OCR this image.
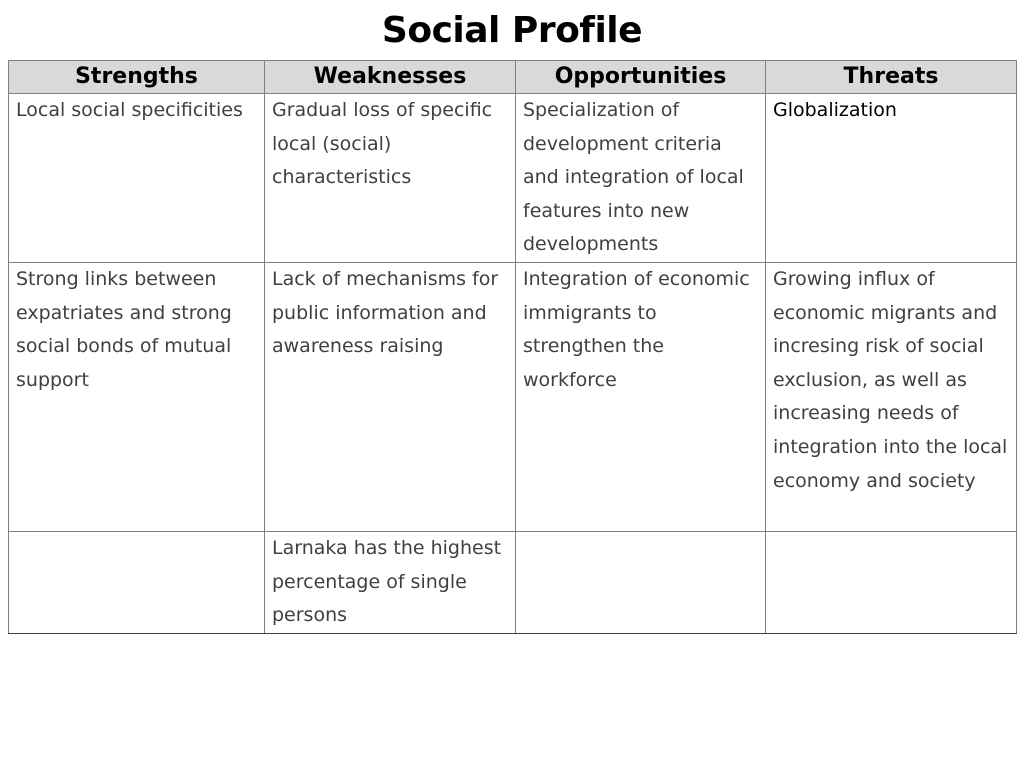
Social Profile
Strengths	Weaknesses	Opportunities	Threats
Local social specificities	Gradual loss of specific local (social) characteristics	Specialization of development criteria and integration of local features into new developments	Globalization
Strong links between expatriates and strong social bonds of mutual support	Lack of mechanisms for public information and awareness raising	Integration of economic immigrants to strengthen the workforce	Growing influx of economic migrants and incresing risk of social exclusion, as well as increasing needs of integration into the local economy and society
	Larnaka has the highest percentage of single persons		
